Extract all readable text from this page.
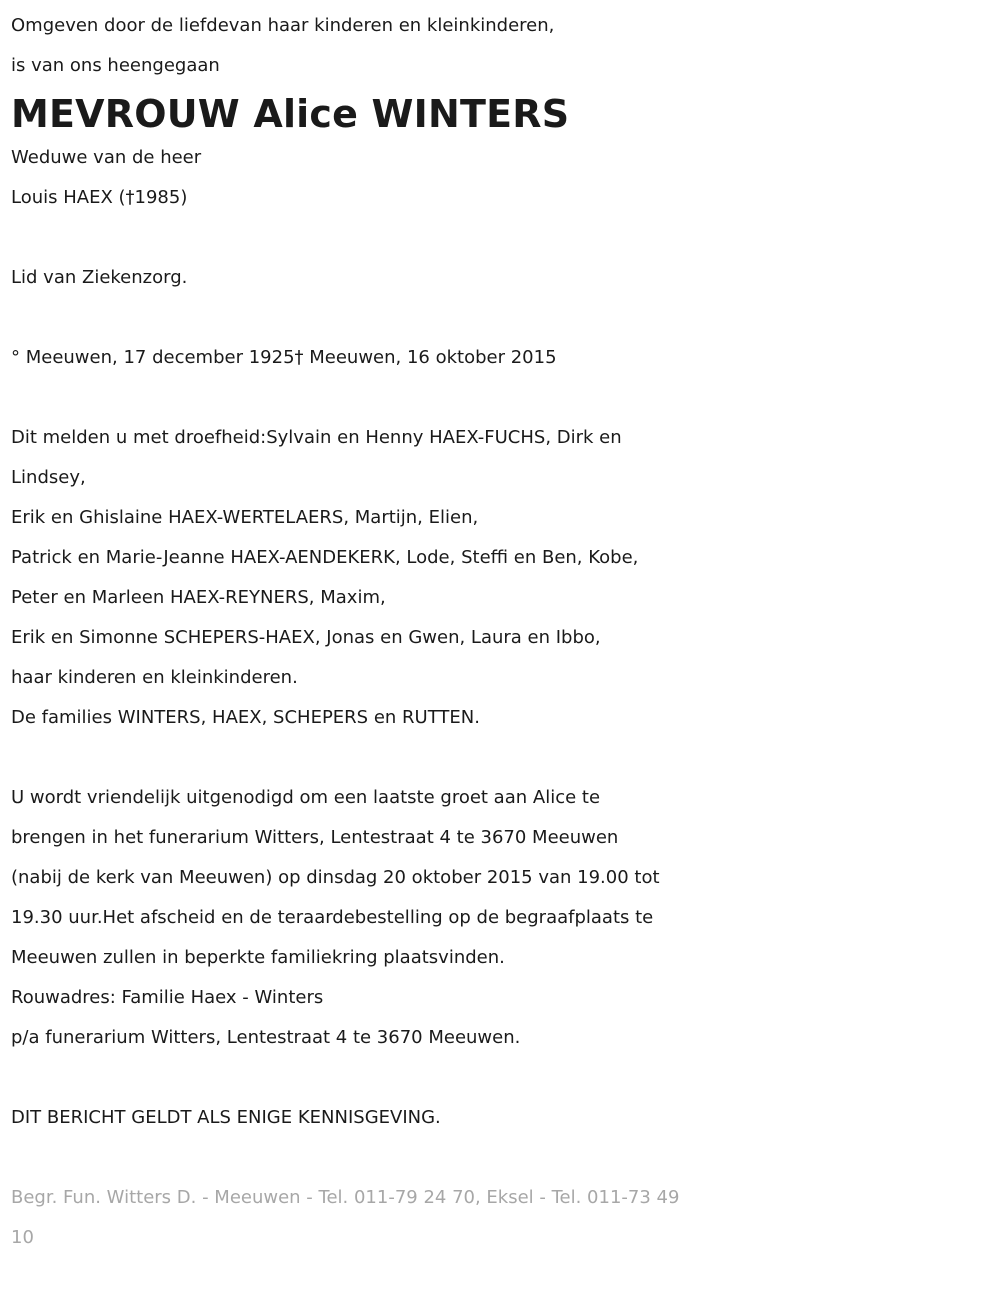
Omgeven door de liefdevan haar kinderen en kleinkinderen,

is van ons heengegaan

MEVROUW Alice WINTERS

Weduwe van de heer

Louis HAEX (†1985)

Lid van Ziekenzorg.

° Meeuwen, 17 december 1925† Meeuwen, 16 oktober 2015

Dit melden u met droefheid:Sylvain en Henny HAEX-FUCHS, Dirk en

Lindsey,

Erik en Ghislaine HAEX-WERTELAERS, Martijn, Elien,

Patrick en Marie-Jeanne HAEX-AENDEKERK, Lode, Steffi en Ben, Kobe,

Peter en Marleen HAEX-REYNERS, Maxim,

Erik en Simonne SCHEPERS-HAEX, Jonas en Gwen, Laura en Ibbo,

haar kinderen en kleinkinderen.

De families WINTERS, HAEX, SCHEPERS en RUTTEN.

U wordt vriendelijk uitgenodigd om een laatste groet aan Alice te

brengen in het funerarium Witters, Lentestraat 4 te 3670 Meeuwen

(nabij de kerk van Meeuwen) op dinsdag 20 oktober 2015 van 19.00 tot

19.30 uur.Het afscheid en de teraardebestelling op de begraafplaats te

Meeuwen zullen in beperkte familiekring plaatsvinden.

Rouwadres: Familie Haex - Winters

p/a funerarium Witters, Lentestraat 4 te 3670 Meeuwen.

DIT BERICHT GELDT ALS ENIGE KENNISGEVING.

Begr. Fun. Witters D. - Meeuwen - Tel. 011-79 24 70, Eksel - Tel. 011-73 49

10
